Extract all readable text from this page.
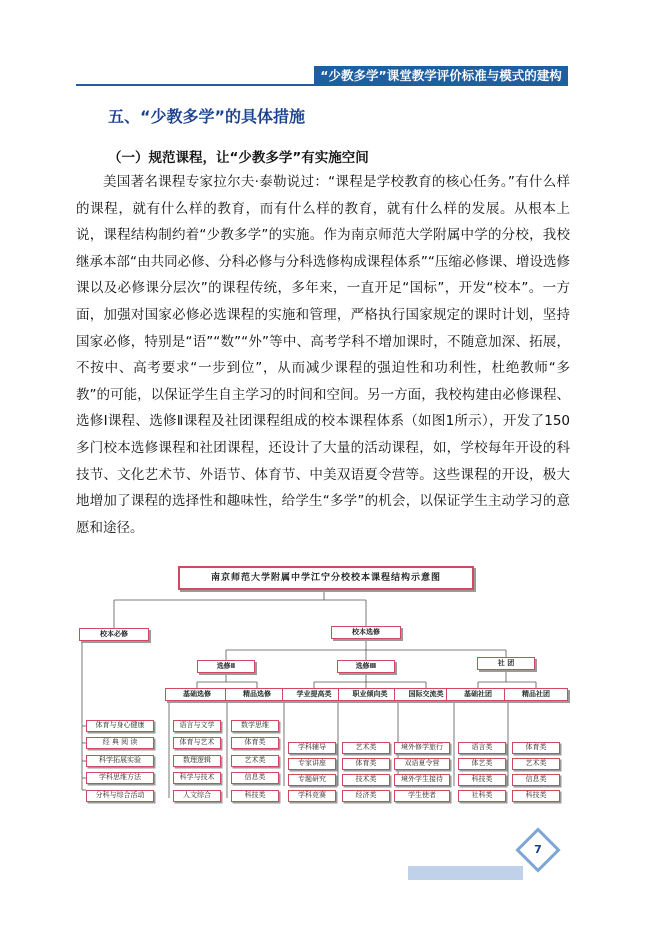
“少教多学”课堂教学评价标准与模式的建构
五、“少教多学”的具体措施
（一）规范课程，让“少教多学”有实施空间

美国著名课程专家拉尔夫·泰勒说过：“课程是学校教育的核心任务。”有什么样的课程，就有什么样的教育，而有什么样的教育，就有什么样的发展。从根本上说，课程结构制约着“少教多学”的实施。作为南京师范大学附属中学的分校，我校继承本部“由共同必修、分科必修与分科选修构成课程体系”“压缩必修课、增设选修课以及必修课分层次”的课程传统，多年来，一直开足“国标”，开发“校本”。一方面，加强对国家必修必选课程的实施和管理，严格执行国家规定的课时计划，坚持国家必修，特别是“语”“数”“外”等中、高考学科不增加课时，不随意加深、拓展，不按中、高考要求“一步到位”，从而减少课程的强迫性和功利性，杜绝教师“多教”的可能，以保证学生自主学习的时间和空间。另一方面，我校构建由必修课程、选修Ⅰ课程、选修Ⅱ课程及社团课程组成的校本课程体系（如图1所示），开发了150多门校本选修课程和社团课程，还设计了大量的活动课程，如，学校每年开设的科技节、文化艺术节、外语节、体育节、中美双语夏令营等。这些课程的开设，极大地增加了课程的选择性和趣味性，给学生“多学”的机会，以保证学生主动学习的意愿和途径。

南京师范大学附属中学江宁分校校本课程结构示意图
校本必修	校本选修
选修Ⅱ	选修Ⅲ	社 团
基础选修	精品选修	学业提高类	职业倾向类	国际交流类	基础社团	精品社团
体育与身心健康
经 典 阅 读
科学拓展实验
学科思维方法
分科与综合活动
语言与文学
体育与艺术
数理逻辑
科学与技术
人文综合
数学思维
体育类
艺术类
信息类
科技类
学科辅导
专家讲座
专题研究
学科竞赛
艺术类
体育类
技术类
经济类
境外修学旅行
双语夏令营
境外学生接待
学生使者
语言类
体艺类
科技类
社科类
体育类
艺术类
信息类
科技类
7
